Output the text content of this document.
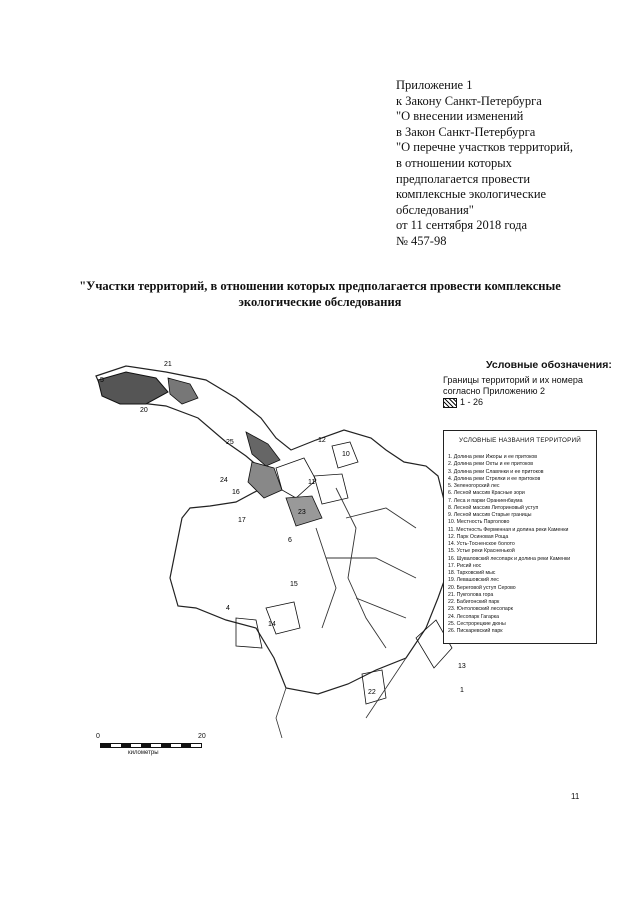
Приложение 1
к Закону Санкт-Петербурга
"О внесении изменений
в Закон Санкт-Петербурга
"О перечне участков территорий,
в отношении которых
предполагается провести
комплексные экологические
обследования"
от 11 сентября 2018 года
№ 457-98
"Участки территорий, в отношении которых предполагается провести комплексные
экологические обследования
21
5
20
25	12
10
24	11
16
23
17
6
15
4
14
22
13
1
Условные обозначения:
Границы территорий и их номера
согласно Приложению 2
1 - 26
УСЛОВНЫЕ НАЗВАНИЯ ТЕРРИТОРИЙ
1. Долина реки Ижоры и ее притоков
2. Долина реки Охты и ее притоков
3. Долина реки Славянки и ее притоков
4. Долина реки Стрелки и ее притоков
5. Зеленогорский лес
6. Лесной массив Красные зори
7. Леса и парки Ораниенбаума
8. Лесной массив Литориновый уступ
9. Лесной массив Старые границы
10. Местность Парголово
11. Местность Ферменная и долина реки Каменки
12. Парк Осиновая Роща
14. Усть-Тосненское болото
15. Устье реки Красненькой
16. Шуваловский лесопарк и долина реки Каменки
17. Рисий нос
18. Тарховский мыс
19. Левашовский лес
20. Береговой уступ Серово
21. Пукголова гора
22. Бабигонский парк
23. Юнтоловский лесопарк
24. Лесопарк Гагарка
25. Сестрорецкие дюны
26. Пискаревский парк
0	20
километры
11
